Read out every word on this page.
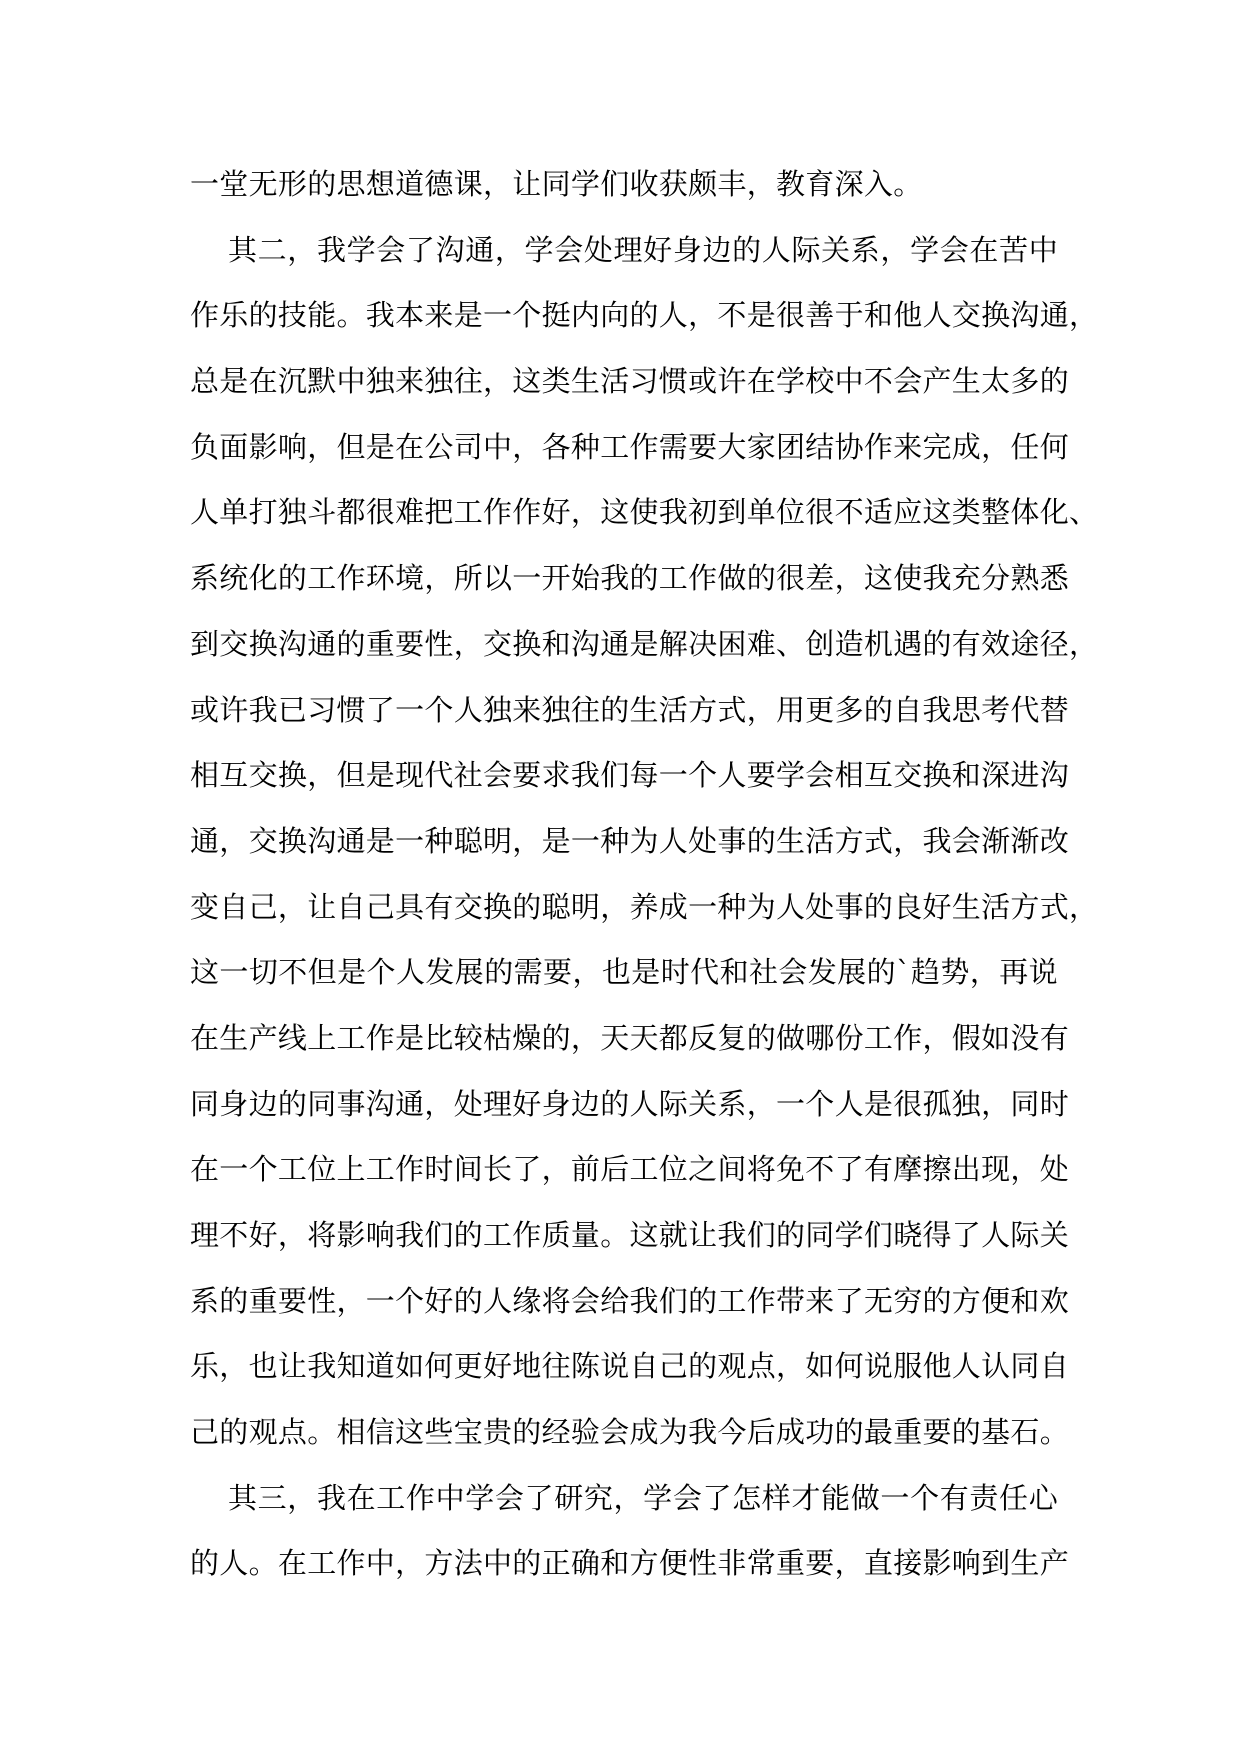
一堂无形的思想道德课，让同学们收获颇丰，教育深入。
其二，我学会了沟通，学会处理好身边的人际关系，学会在苦中
作乐的技能。我本来是一个挺内向的人，不是很善于和他人交换沟通，
总是在沉默中独来独往，这类生活习惯或许在学校中不会产生太多的
负面影响，但是在公司中，各种工作需要大家团结协作来完成，任何
人单打独斗都很难把工作作好，这使我初到单位很不适应这类整体化、
系统化的工作环境，所以一开始我的工作做的很差，这使我充分熟悉
到交换沟通的重要性，交换和沟通是解决困难、创造机遇的有效途径，
或许我已习惯了一个人独来独往的生活方式，用更多的自我思考代替
相互交换，但是现代社会要求我们每一个人要学会相互交换和深进沟
通，交换沟通是一种聪明，是一种为人处事的生活方式，我会渐渐改
变自己，让自己具有交换的聪明，养成一种为人处事的良好生活方式，
这一切不但是个人发展的需要，也是时代和社会发展的`趋势，再说
在生产线上工作是比较枯燥的，天天都反复的做哪份工作，假如没有
同身边的同事沟通，处理好身边的人际关系，一个人是很孤独，同时
在一个工位上工作时间长了，前后工位之间将免不了有摩擦出现，处
理不好，将影响我们的工作质量。这就让我们的同学们晓得了人际关
系的重要性，一个好的人缘将会给我们的工作带来了无穷的方便和欢
乐，也让我知道如何更好地往陈说自己的观点，如何说服他人认同自
己的观点。相信这些宝贵的经验会成为我今后成功的最重要的基石。
其三，我在工作中学会了研究，学会了怎样才能做一个有责任心
的人。在工作中，方法中的正确和方便性非常重要，直接影响到生产
